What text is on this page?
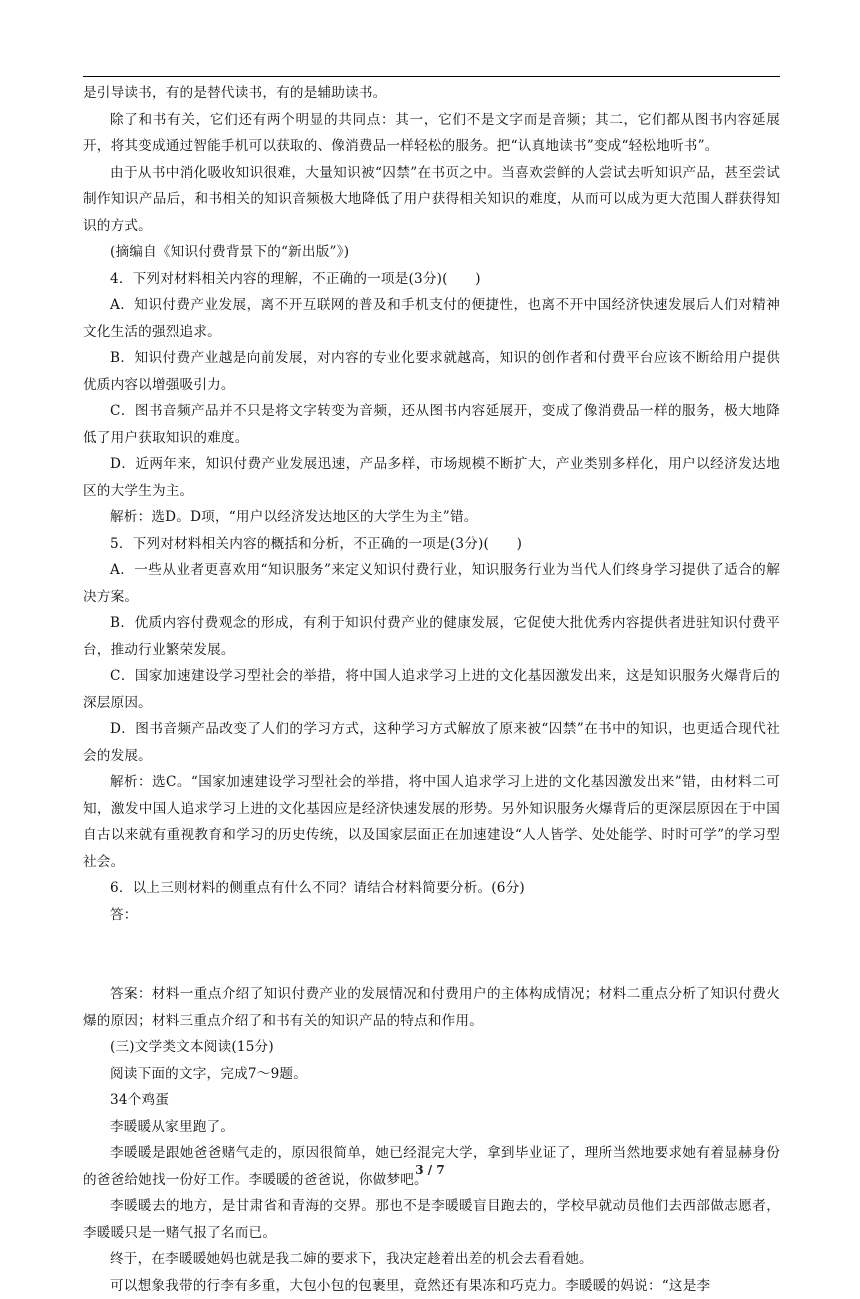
是引导读书，有的是替代读书，有的是辅助读书。

除了和书有关，它们还有两个明显的共同点：其一，它们不是文字而是音频；其二，它们都从图书内容延展开，将其变成通过智能手机可以获取的、像消费品一样轻松的服务。把“认真地读书”变成“轻松地听书”。

由于从书中消化吸收知识很难，大量知识被“囚禁”在书页之中。当喜欢尝鲜的人尝试去听知识产品，甚至尝试制作知识产品后，和书相关的知识音频极大地降低了用户获得相关知识的难度，从而可以成为更大范围人群获得知识的方式。

(摘编自《知识付费背景下的“新出版”》)

4．下列对材料相关内容的理解，不正确的一项是(3分)(　　)

A．知识付费产业发展，离不开互联网的普及和手机支付的便捷性，也离不开中国经济快速发展后人们对精神文化生活的强烈追求。

B．知识付费产业越是向前发展，对内容的专业化要求就越高，知识的创作者和付费平台应该不断给用户提供优质内容以增强吸引力。

C．图书音频产品并不只是将文字转变为音频，还从图书内容延展开，变成了像消费品一样的服务，极大地降低了用户获取知识的难度。

D．近两年来，知识付费产业发展迅速，产品多样，市场规模不断扩大，产业类别多样化，用户以经济发达地区的大学生为主。

解析：选D。D项，“用户以经济发达地区的大学生为主”错。

5．下列对材料相关内容的概括和分析，不正确的一项是(3分)(　　)

A．一些从业者更喜欢用“知识服务”来定义知识付费行业，知识服务行业为当代人们终身学习提供了适合的解决方案。

B．优质内容付费观念的形成，有利于知识付费产业的健康发展，它促使大批优秀内容提供者进驻知识付费平台，推动行业繁荣发展。

C．国家加速建设学习型社会的举措，将中国人追求学习上进的文化基因激发出来，这是知识服务火爆背后的深层原因。

D．图书音频产品改变了人们的学习方式，这种学习方式解放了原来被“囚禁”在书中的知识，也更适合现代社会的发展。

解析：选C。“国家加速建设学习型社会的举措，将中国人追求学习上进的文化基因激发出来”错，由材料二可知，激发中国人追求学习上进的文化基因应是经济快速发展的形势。另外知识服务火爆背后的更深层原因在于中国自古以来就有重视教育和学习的历史传统，以及国家层面正在加速建设“人人皆学、处处能学、时时可学”的学习型社会。

6．以上三则材料的侧重点有什么不同？请结合材料简要分析。(6分)

答：

答案：材料一重点介绍了知识付费产业的发展情况和付费用户的主体构成情况；材料二重点分析了知识付费火爆的原因；材料三重点介绍了和书有关的知识产品的特点和作用。

(三)文学类文本阅读(15分)

阅读下面的文字，完成7～9题。

34个鸡蛋

李暖暖从家里跑了。

李暖暖是跟她爸爸赌气走的，原因很简单，她已经混完大学，拿到毕业证了，理所当然地要求她有着显赫身份的爸爸给她找一份好工作。李暖暖的爸爸说，你做梦吧。

李暖暖去的地方，是甘肃省和青海的交界。那也不是李暖暖盲目跑去的，学校早就动员他们去西部做志愿者，李暖暖只是一赌气报了名而已。

终于，在李暖暖她妈也就是我二婶的要求下，我决定趁着出差的机会去看看她。

可以想象我带的行李有多重，大包小包的包裹里，竟然还有果冻和巧克力。李暖暖的妈说：“这是李

3 / 7
